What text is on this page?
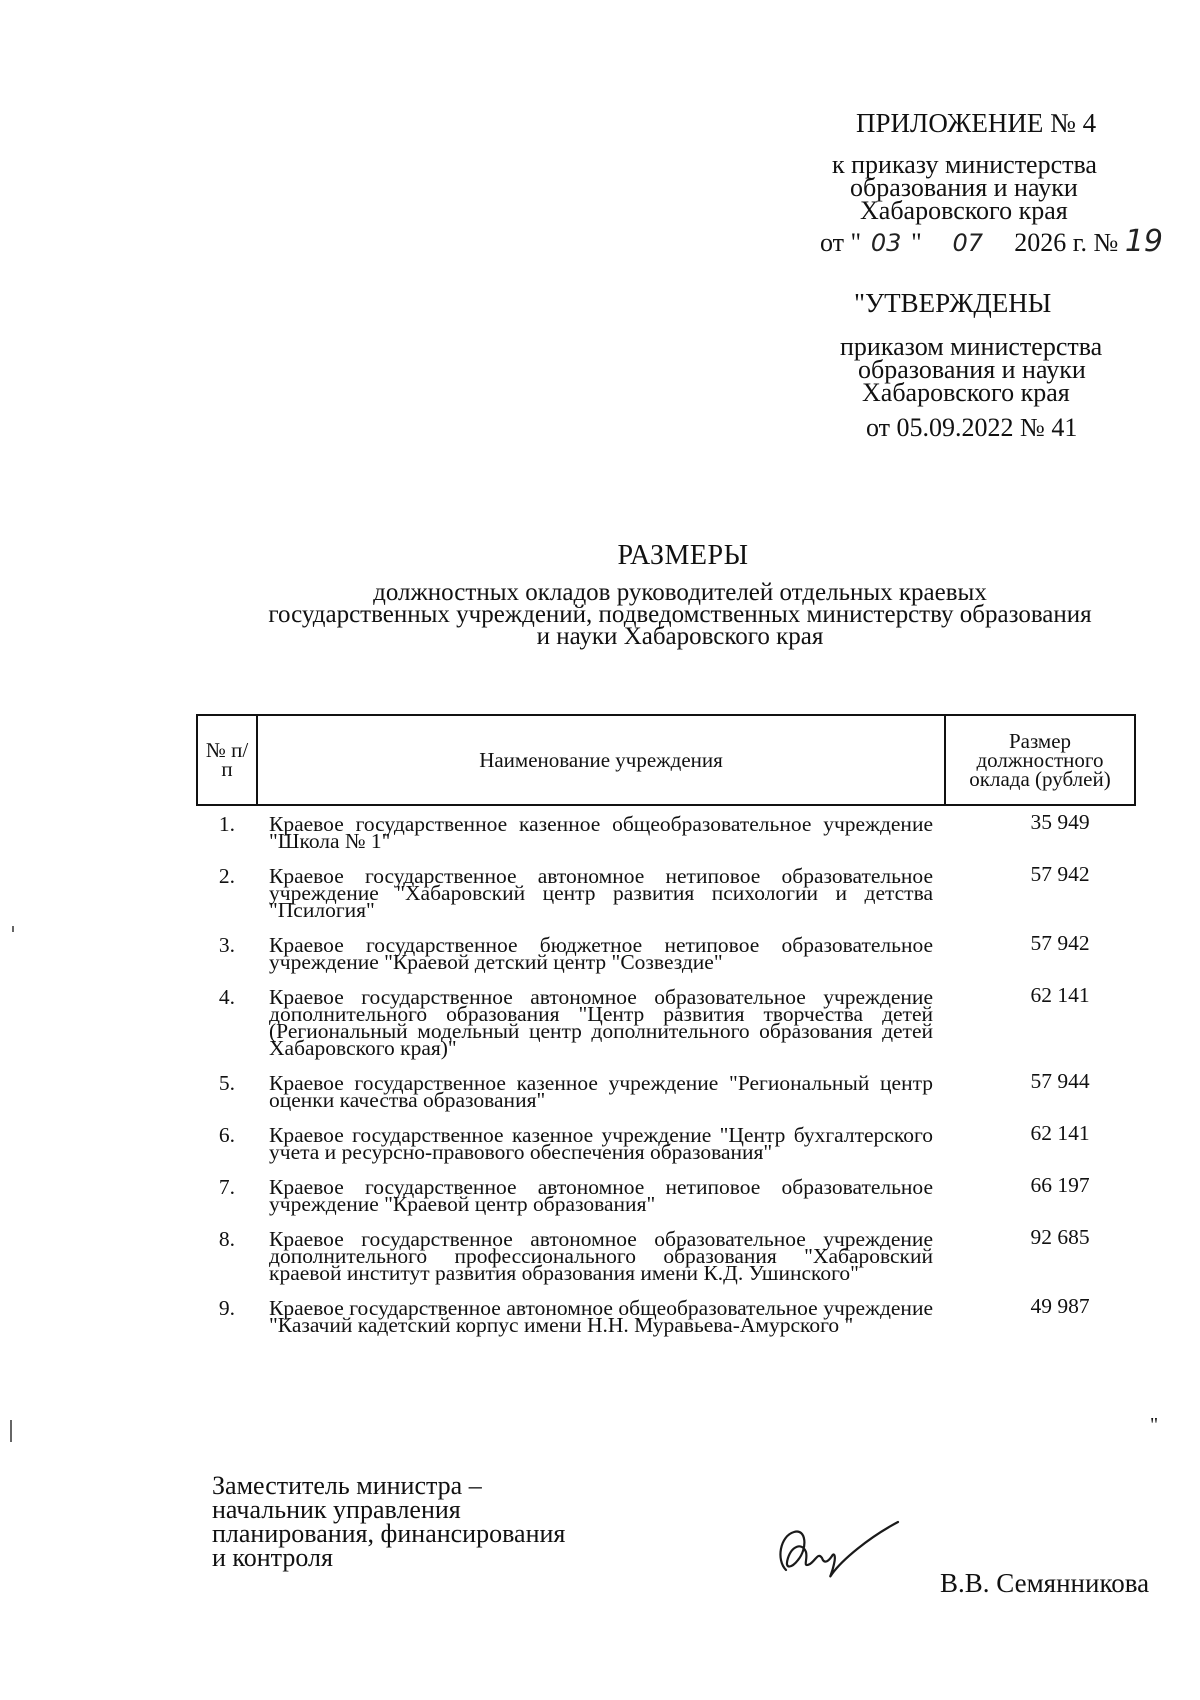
ПРИЛОЖЕНИЕ № 4
к приказу министерства
образования и науки
Хабаровского края
от " 03 " 07 2026 г. № 19
"УТВЕРЖДЕНЫ
приказом министерства
образования и науки
Хабаровского края
от 05.09.2022 № 41
РАЗМЕРЫ
должностных окладов руководителей отдельных краевых
государственных учреждений, подведомственных министерству образования
и науки Хабаровского края
№ п/п	Наименование учреждения	Размер должностного оклада (рублей)
1.	Краевое государственное казенное общеобразовательное учреждение "Школа № 1"	35 949
2.	Краевое государственное автономное нетиповое образовательное учреждение "Хабаровский центр развития психологии и детства "Псилогия"	57 942
3.	Краевое государственное бюджетное нетиповое образовательное учреждение "Краевой детский центр "Созвездие"	57 942
4.	Краевое государственное автономное образовательное учреждение дополнительного образования "Центр развития творчества детей (Региональный модельный центр дополнительного образования детей Хабаровского края)"	62 141
5.	Краевое государственное казенное учреждение "Региональный центр оценки качества образования"	57 944
6.	Краевое государственное казенное учреждение "Центр бухгалтерского учета и ресурсно-правового обеспечения образования"	62 141
7.	Краевое государственное автономное нетиповое образовательное учреждение "Краевой центр образования"	66 197
8.	Краевое государственное автономное образовательное учреждение дополнительного профессионального образования "Хабаровский краевой институт развития образования имени К.Д. Ушинского"	92 685
9.	Краевое государственное автономное общеобразовательное учреждение "Казачий кадетский корпус имени Н.Н. Муравьева-Амурского "	49 987
"
Заместитель министра –
начальник управления
планирования, финансирования
и контроля
В.В. Семянникова
